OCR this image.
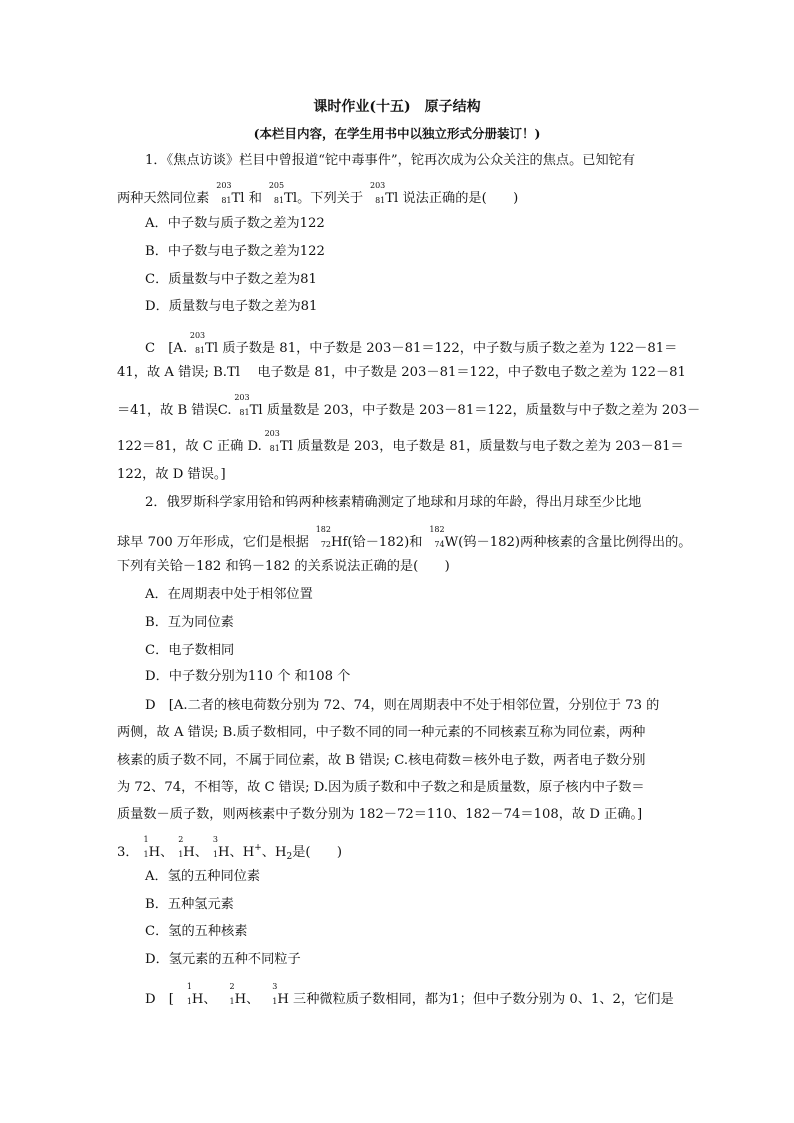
课时作业(十五)　原子结构
(本栏目内容，在学生用书中以独立形式分册装订！)
1．《焦点访谈》栏目中曾报道“铊中毒事件”，铊再次成为公众关注的焦点。已知铊有
两种天然同位素
203
81 Tl 和
205
81 Tl。下列关于
203
81 Tl 说法正确的是(　　)
A．中子数与质子数之差为122
B．中子数与电子数之差为122
C．质量数与中子数之差为81
D．质量数与电子数之差为81
C　[A.
203
81 Tl 质子数是 81，中子数是 203－81＝122，中子数与质子数之差为 122－81＝
41，故 A 错误; B.Tl　 电子数是 81，中子数是 203－81＝122，中子数电子数之差为 122－81
＝41，故 B 错误C.
203
81 Tl 质量数是 203，中子数是 203－81＝122，质量数与中子数之差为 203－
122＝81，故 C 正确 D.
203
81 Tl 质量数是 203，电子数是 81，质量数与电子数之差为 203－81＝
122，故 D 错误。]
2．俄罗斯科学家用铪和钨两种核素精确测定了地球和月球的年龄，得出月球至少比地
球早 700 万年形成，它们是根据
182
72 Hf(铪－182)和
182
74 W(钨－182)两种核素的含量比例得出的。
下列有关铪－182 和钨－182 的关系说法正确的是(　　)
A．在周期表中处于相邻位置
B．互为同位素
C．电子数相同
D．中子数分别为110 个 和108 个
D　[A.二者的核电荷数分别为 72、74，则在周期表中不处于相邻位置，分别位于 73 的
两侧，故 A 错误; B.质子数相同，中子数不同的同一种元素的不同核素互称为同位素，两种
核素的质子数不同，不属于同位素，故 B 错误; C.核电荷数＝核外电子数，两者电子数分别
为 72、74，不相等，故 C 错误; D.因为质子数和中子数之和是质量数，原子核内中子数＝
质量数－质子数，则两核素中子数分别为 182－72＝110、182－74＝108，故 D 正确。]
3．
1
1 H、
2
1 H、
3
1 H、H+、$H_2$是(　　)
A．氢的五种同位素
B．五种氢元素
C．氢的五种核素
D．氢元素的五种不同粒子
D　[
1
1 H、
2
1 H、
3
1 H 三种微粒质子数相同，都为1；但中子数分别为 0、1、2，它们是
